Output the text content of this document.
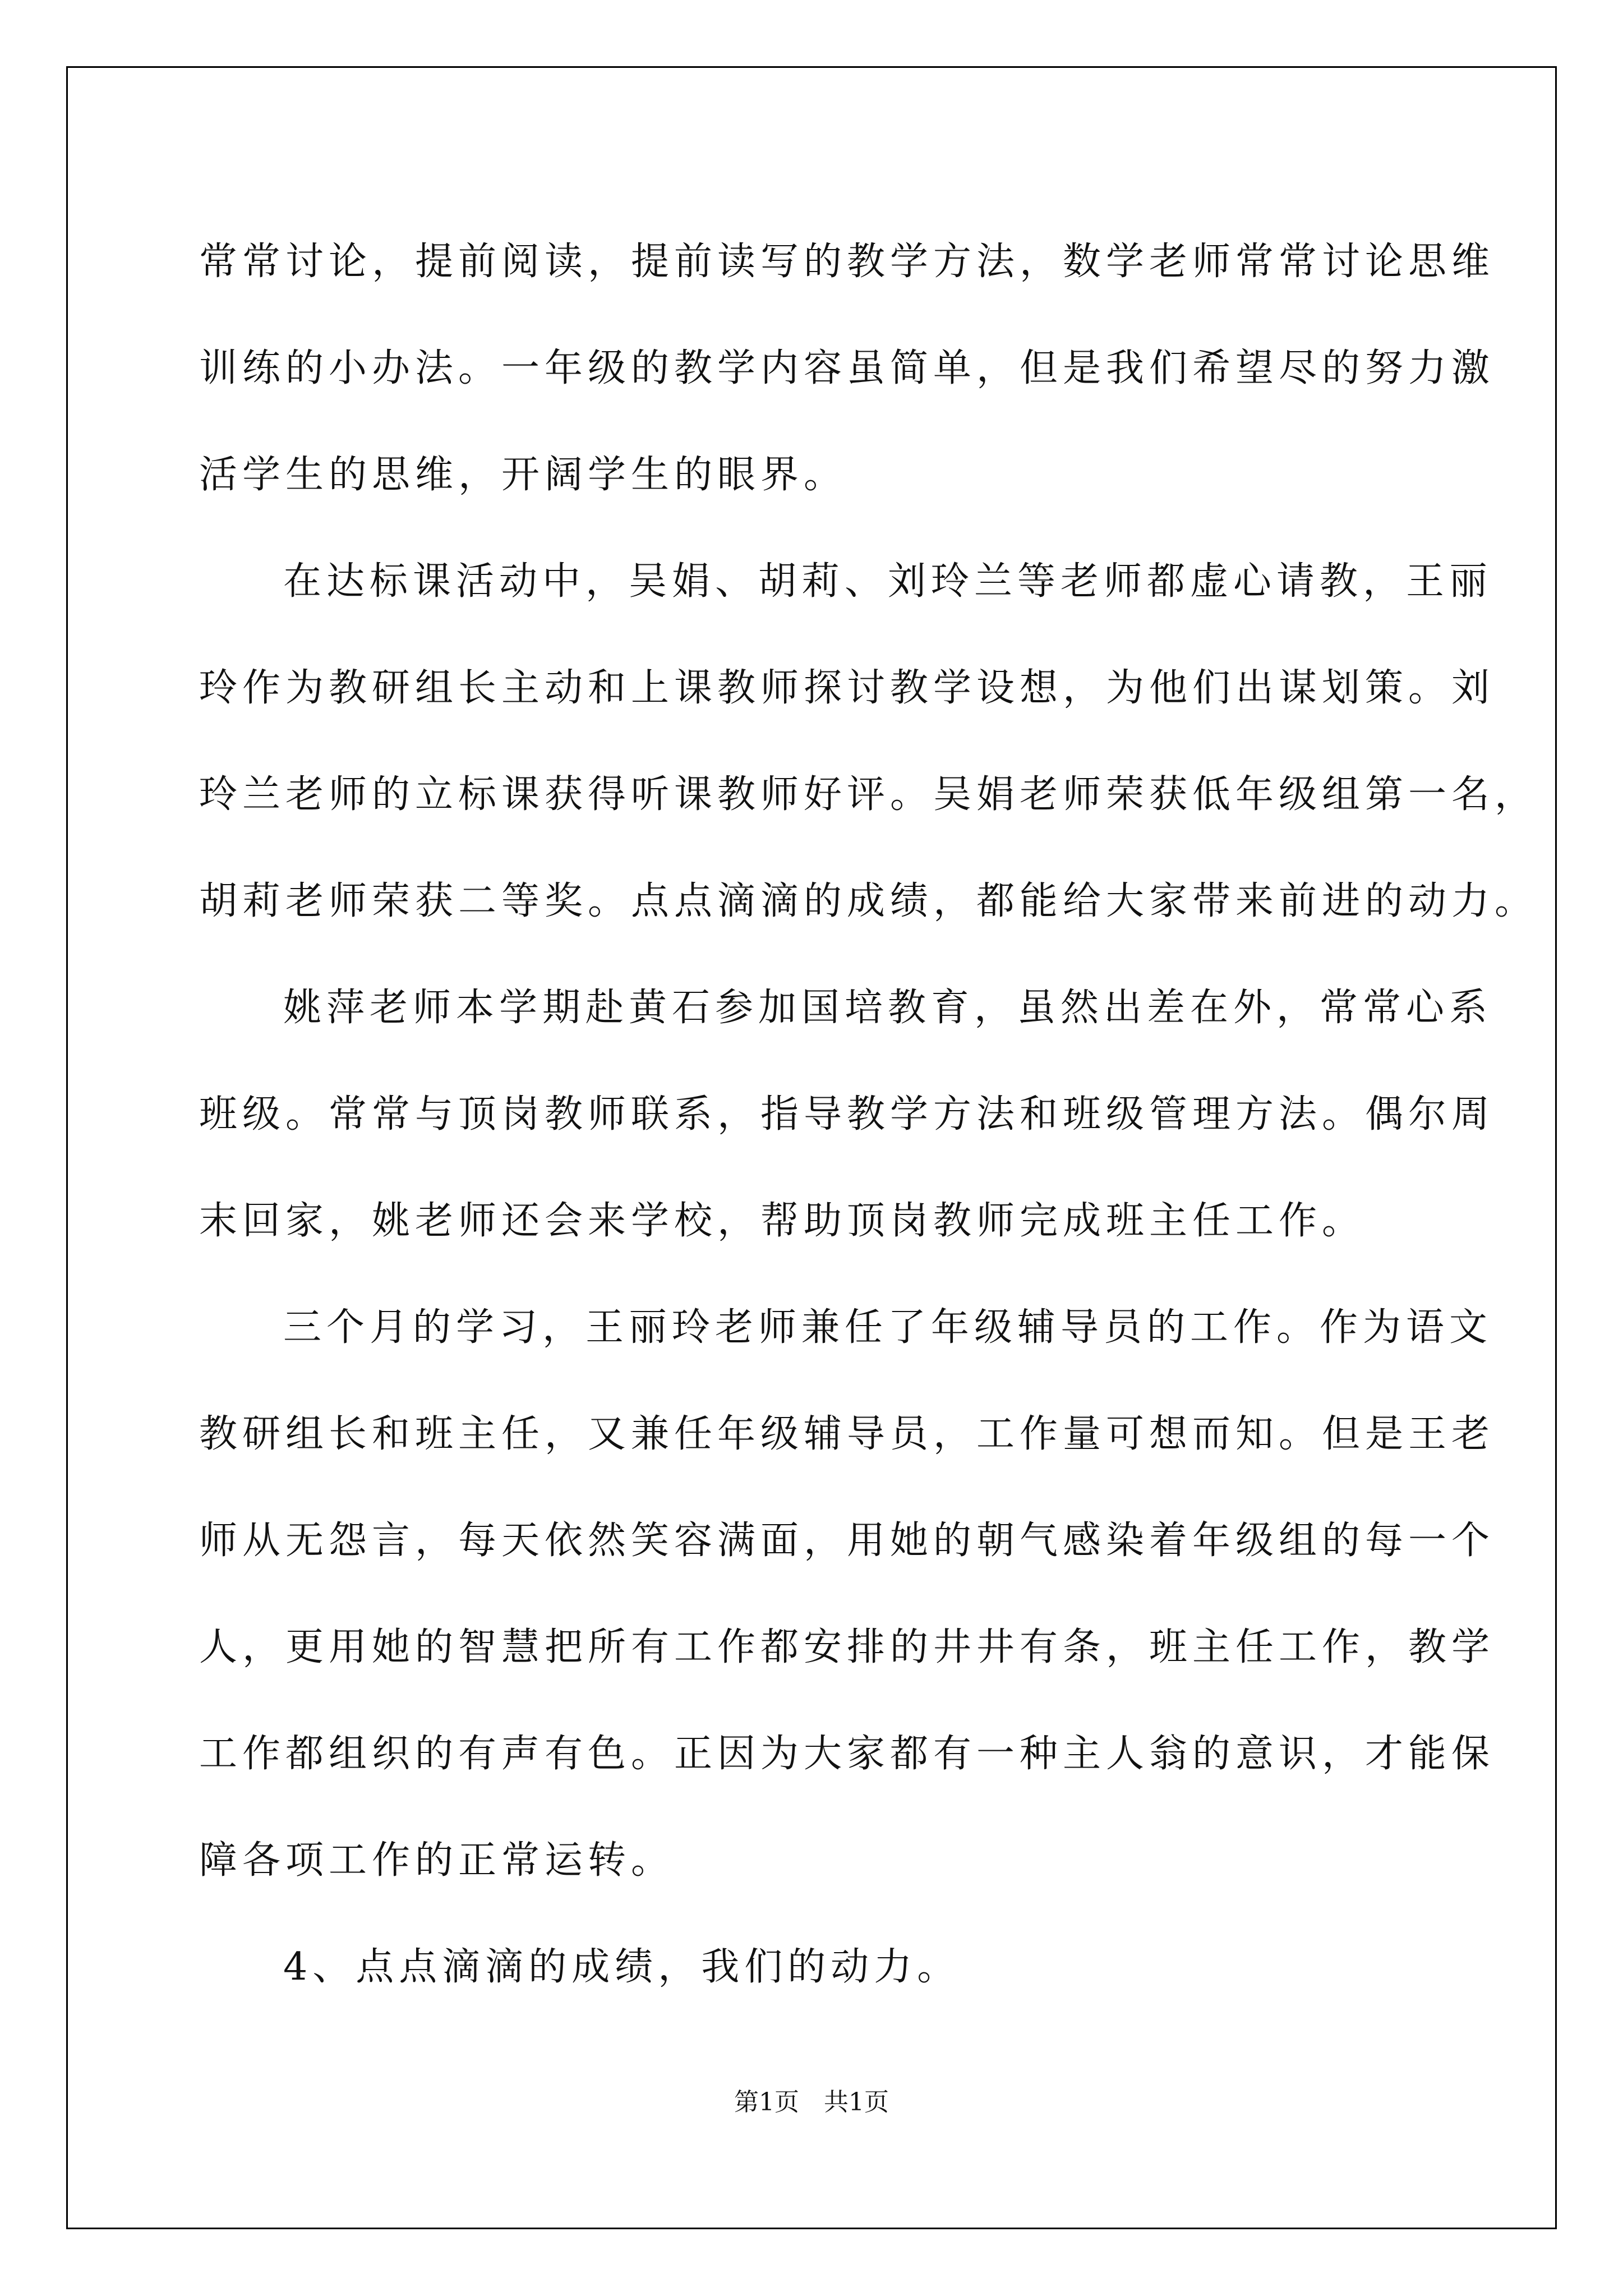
常常讨论，提前阅读，提前读写的教学方法，数学老师常常讨论思维
训练的小办法。一年级的教学内容虽简单，但是我们希望尽的努力激
活学生的思维，开阔学生的眼界。
在达标课活动中，吴娟、胡莉、刘玲兰等老师都虚心请教，王丽
玲作为教研组长主动和上课教师探讨教学设想，为他们出谋划策。刘
玲兰老师的立标课获得听课教师好评。吴娟老师荣获低年级组第一名，
胡莉老师荣获二等奖。点点滴滴的成绩，都能给大家带来前进的动力。
姚萍老师本学期赴黄石参加国培教育，虽然出差在外，常常心系
班级。常常与顶岗教师联系，指导教学方法和班级管理方法。偶尔周
末回家，姚老师还会来学校，帮助顶岗教师完成班主任工作。
三个月的学习，王丽玲老师兼任了年级辅导员的工作。作为语文
教研组长和班主任，又兼任年级辅导员，工作量可想而知。但是王老
师从无怨言，每天依然笑容满面，用她的朝气感染着年级组的每一个
人，更用她的智慧把所有工作都安排的井井有条，班主任工作，教学
工作都组织的有声有色。正因为大家都有一种主人翁的意识，才能保
障各项工作的正常运转。
4、点点滴滴的成绩，我们的动力。
第1页　共1页
